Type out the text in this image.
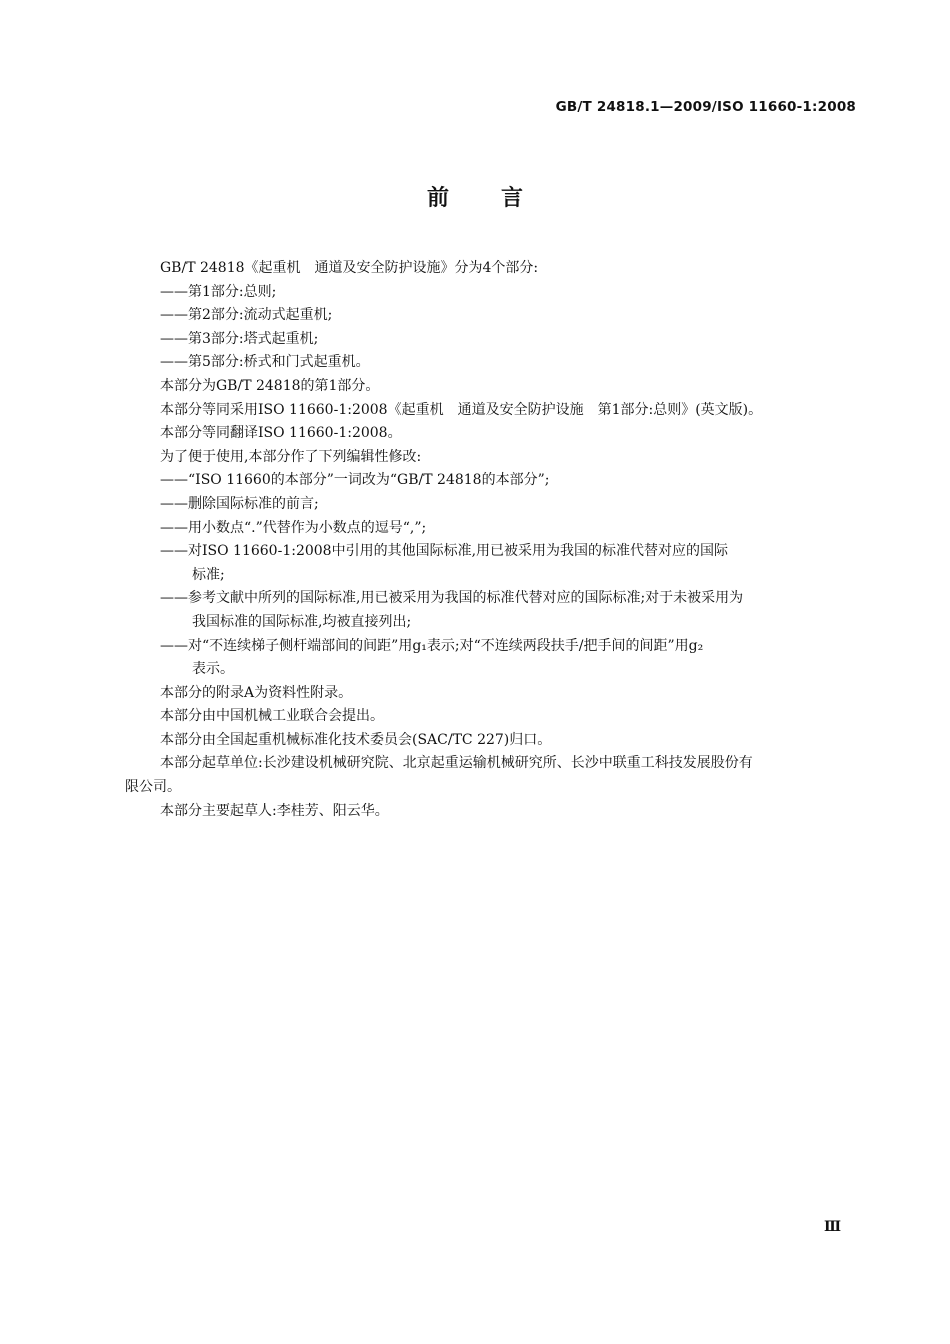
GB/T 24818.1—2009/ISO 11660-1:2008
前言

GB/T 24818《起重机　通道及安全防护设施》分为4个部分:

——第1部分:总则;

——第2部分:流动式起重机;

——第3部分:塔式起重机;

——第5部分:桥式和门式起重机。

本部分为GB/T 24818的第1部分。

本部分等同采用ISO 11660-1:2008《起重机　通道及安全防护设施　第1部分:总则》(英文版)。

本部分等同翻译ISO 11660-1:2008。

为了便于使用,本部分作了下列编辑性修改:

——“ISO 11660的本部分”一词改为“GB/T 24818的本部分”;

——删除国际标准的前言;

——用小数点“.”代替作为小数点的逗号“,”;

——对ISO 11660-1:2008中引用的其他国际标准,用已被采用为我国的标准代替对应的国际

标准;

——参考文献中所列的国际标准,用已被采用为我国的标准代替对应的国际标准;对于未被采用为

我国标准的国际标准,均被直接列出;

——对“不连续梯子侧杆端部间的间距”用g₁表示;对“不连续两段扶手/把手间的间距”用g₂

表示。

本部分的附录A为资料性附录。

本部分由中国机械工业联合会提出。

本部分由全国起重机械标准化技术委员会(SAC/TC 227)归口。

本部分起草单位:长沙建设机械研究院、北京起重运输机械研究所、长沙中联重工科技发展股份有

限公司。

本部分主要起草人:李桂芳、阳云华。

Ⅲ
